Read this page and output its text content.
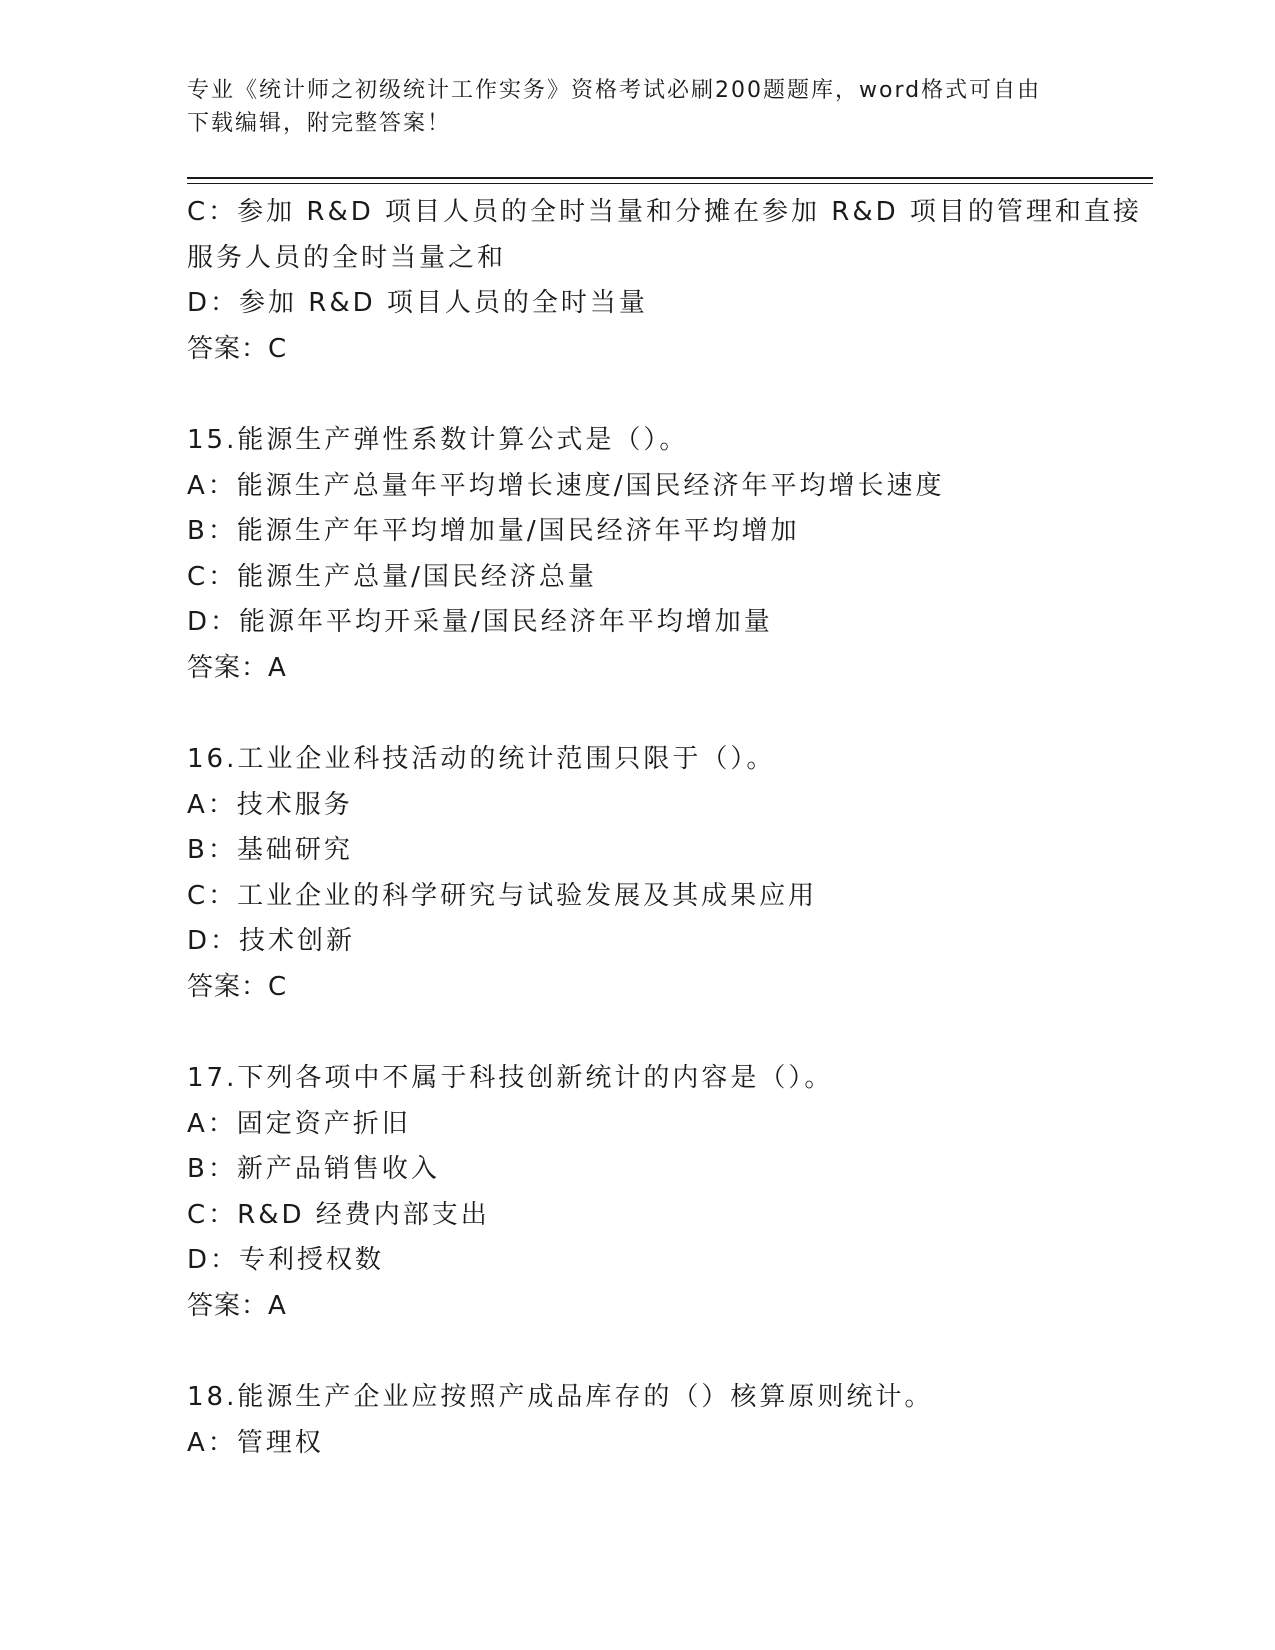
专业《统计师之初级统计工作实务》资格考试必刷200题题库，word格式可自由
下载编辑，附完整答案！
C：参加 R&D 项目人员的全时当量和分摊在参加 R&D 项目的管理和直接
服务人员的全时当量之和
D：参加 R&D 项目人员的全时当量
答案：C
15.能源生产弹性系数计算公式是（）。
A：能源生产总量年平均增长速度/国民经济年平均增长速度
B：能源生产年平均增加量/国民经济年平均增加
C：能源生产总量/国民经济总量
D：能源年平均开采量/国民经济年平均增加量
答案：A
16.工业企业科技活动的统计范围只限于（）。
A：技术服务
B：基础研究
C：工业企业的科学研究与试验发展及其成果应用
D：技术创新
答案：C
17.下列各项中不属于科技创新统计的内容是（）。
A：固定资产折旧
B：新产品销售收入
C：R&D 经费内部支出
D：专利授权数
答案：A
18.能源生产企业应按照产成品库存的（）核算原则统计。
A：管理权
